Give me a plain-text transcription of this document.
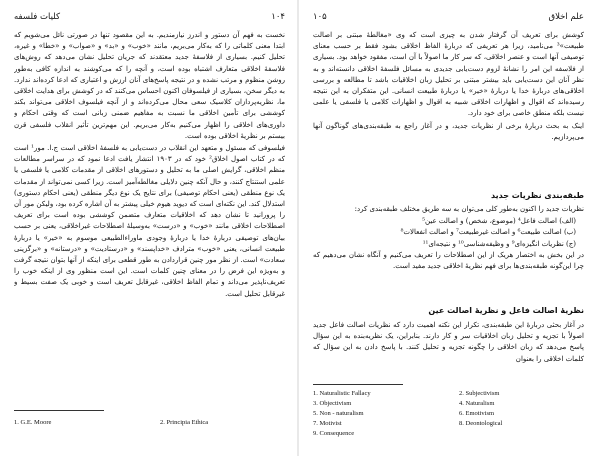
کلیات فلسفه	۱۰۴

نخست به فهم آن دستور و اندرز نیازمندیم. به این مقصود تنها در صورتی نائل می‌شویم که ابتدا معنی کلماتی را که به‌کار می‌بریم، مانند «خوب» و «بد» و «صواب» و «خطا» و غیره، تحلیل کنیم. بسیاری از فلاسفهٔ جدید معتقدند که جریان تحلیل نشان می‌دهد که روش‌های فلاسفهٔ اخلاقی متعارف اشتباه بوده است، و آنچه را که می‌کوشند به اندازه کافی به‌طور روشن منظوم و مرتب نشده و در نتیجه پاسخ‌های آنان ارزش و اعتباری که ادعا کرده‌اند ندارد. به دیگر سخن، بسیاری از فیلسوفان اکنون احساس می‌کنند که در کوشش برای هدایت اخلاقی ما، نظریه‌پردازان کلاسیک سعی محال می‌کرده‌اند و از آنچه فیلسوف اخلاقی می‌تواند بکند کوششی برای تأمین اخلاقی ما نسبت به مفاهیم ضمنی زبانی است که وقتی احکام و داوری‌های اخلاقی را اظهار می‌کنیم به‌کار می‌بریم. این مهم‌ترین تأثیر انقلاب فلسفی قرن بیستم بر نظریهٔ اخلاقی بوده است.

فیلسوفی که مسئول و متعهد این انقلاب در دست‌یابی به فلسفهٔ اخلاقی است ج.ا. مور¹ است که در کتاب اصول اخلاق² خود که در ۱۹۰۳ انتشار یافت ادعا نمود که در سراسر مطالعات منظم اخلاقی، گرایش اصلی ما به تحلیل و دستورهای اخلاقی از مقدمات کلامی یا فلسفی یا علمی استنتاج کنند، و حال آنکه چنین دلایلی مغالطه‌آمیز است. زیرا کسی نمی‌تواند از مقدمات یک نوع منطقی (یعنی احکام توصیفی) برای نتایج یک نوع دیگر منطقی (یعنی احکام دستوری) استدلال کند. این نکته‌ای است که دیوید هیوم خیلی پیشتر به آن اشاره کرده بود، ولیکن مور آن را پرورانید تا نشان دهد که اخلاقیات متعارف متضمن کوششی بوده است برای تعریف اصطلاحات اخلاقی مانند «خوب» و «درست» به‌وسیلهٔ اصطلاحات غیراخلاقی، یعنی بر حسب بیان‌های توصیفی دربارهٔ خدا یا دربارهٔ وجودی ماوراءالطبیعی موسوم به «خیر» یا دربارهٔ طبیعت انسانی، یعنی «خوب» مترادف «خداپسند» و «درستادیت» و «درستانه» و «برگزینی سعادت» است. از نظر مور چنین قراردادن به طور قطعی برای اینکه از آنها بتوان نتیجه گرفت و به‌ویژه این فرض را در معنای چنین کلمات است. این است منظور وی از اینکه خوب را تعریف‌ناپذیر می‌داند و تمام الفاظ اخلاقی، غیرقابل تعریف است و خوبی یک صفت بسیط و غیرقابل تحلیل است.

1. G.E. Moore	2. Principia Ethica
۱۰۵	علم اخلاق

کوشش برای تعریف آن گرفتار شدن به چیزی است که وی «مغالطهٔ مبتنی بر اصالت طبیعت»³ می‌نامید، زیرا هر تعریفی که دربارهٔ الفاظ اخلاقی بشود فقط بر حسب معنای توصیفی آنها است و عنصر اخلاقی، که سر کار ما اصولاً با آن است، مفقود خواهد بود. بسیاری از فلاسفه این امر را نشانهٔ لزوم دست‌یابی جدیدی به مسائل فلسفهٔ اخلاقی دانسته‌اند و به نظر آنان این دست‌یابی باید بیشتر مبتنی بر تحلیل زبان اخلاقیات باشد تا مطالعه و بررسی اخلاقی‌های دربارهٔ خدا یا دربارهٔ «خیر» یا دربارهٔ طبیعت انسانی. این متفکران به این نتیجه رسیده‌اند که اقوال و اظهارات اخلاقی شبیه به اقوال و اظهارات کلامی یا فلسفی یا علمی نیست بلکه منطق خاصی برای خود دارد.

اینک به بحث دربارهٔ برخی از نظریات جدید، و در آغاز راجع به طبقه‌بندی‌های گوناگون آنها می‌پردازیم.

طبقه‌بندی نظریات جدید

نظریات جدید را اکنون به‌طور کلی می‌توان به سه طریق مختلف طبقه‌بندی کرد:

(الف) اصالت فاعل⁴ (موضوع، شخص) و اصالت عین⁵
(ب) اصالت طبیعت⁶ و اصالت غیرطبیعت⁷ و اصالت انفعالات⁸
(ج) نظریات انگیزه‌ای⁹ و وظیفه‌شناسی¹⁰ و نتیجه‌ای¹¹

در این بخش به اختصار هریک از این اصطلاحات را تعریف می‌کنیم و آنگاه نشان می‌دهیم که چرا این‌گونه طبقه‌بندی‌ها برای فهم نظریهٔ اخلاقی جدید مفید است.

نظریهٔ اصالت فاعل و نظریهٔ اصالت عین

در آغاز بحثی دربارهٔ این طبقه‌بندی، تکرار این نکته اهمیت دارد که نظریات اصالت فاعل جدید اصولاً با تجزیه و تحلیل زبان اخلاقیات سر و کار دارند. بنابراین، یک نظریه‌بنده به این سؤال پاسخ می‌دهد که زبان اخلاقی را چگونه تجزیه و تحلیل کنند. با پاسخ دادن به این سؤال که کلمات اخلاقی را بعنوان

1. Naturalistic Fallacy
3. Objectivism
5. Non - naturalism
7. Motivist
9. Consequence
2. Subjectivism
4. Naturalism
6. Emotivism
8. Deontological
